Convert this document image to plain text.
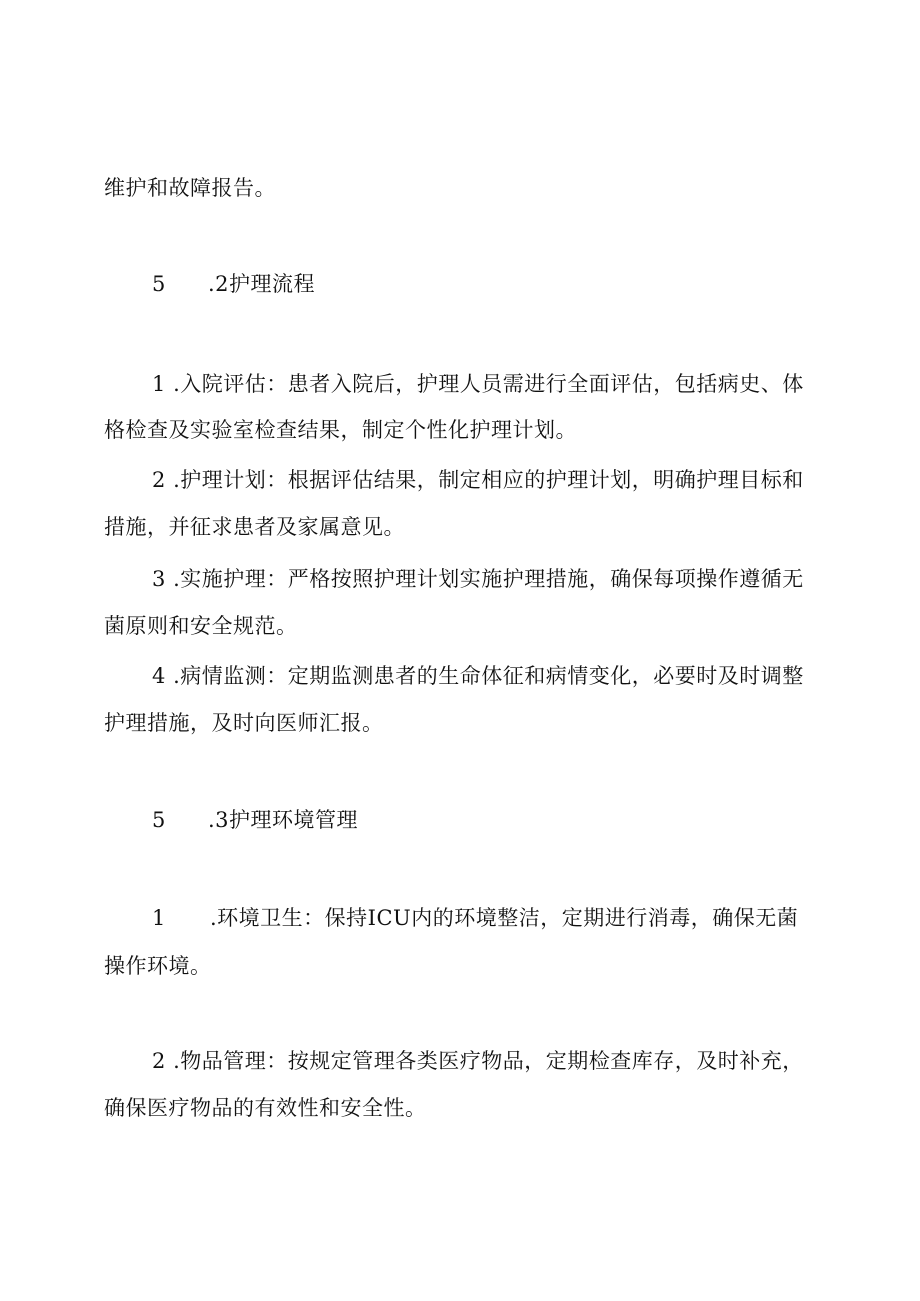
维护和故障报告。
5 .2护理流程
1 .入院评估：患者入院后，护理人员需进行全面评估，包括病史、体
格检查及实验室检查结果，制定个性化护理计划。
2 .护理计划：根据评估结果，制定相应的护理计划，明确护理目标和
措施，并征求患者及家属意见。
3 .实施护理：严格按照护理计划实施护理措施，确保每项操作遵循无
菌原则和安全规范。
4 .病情监测：定期监测患者的生命体征和病情变化，必要时及时调整
护理措施，及时向医师汇报。
5 .3护理环境管理
1 .环境卫生：保持ICU内的环境整洁，定期进行消毒，确保无菌
操作环境。
2 .物品管理：按规定管理各类医疗物品，定期检查库存，及时补充，
确保医疗物品的有效性和安全性。
